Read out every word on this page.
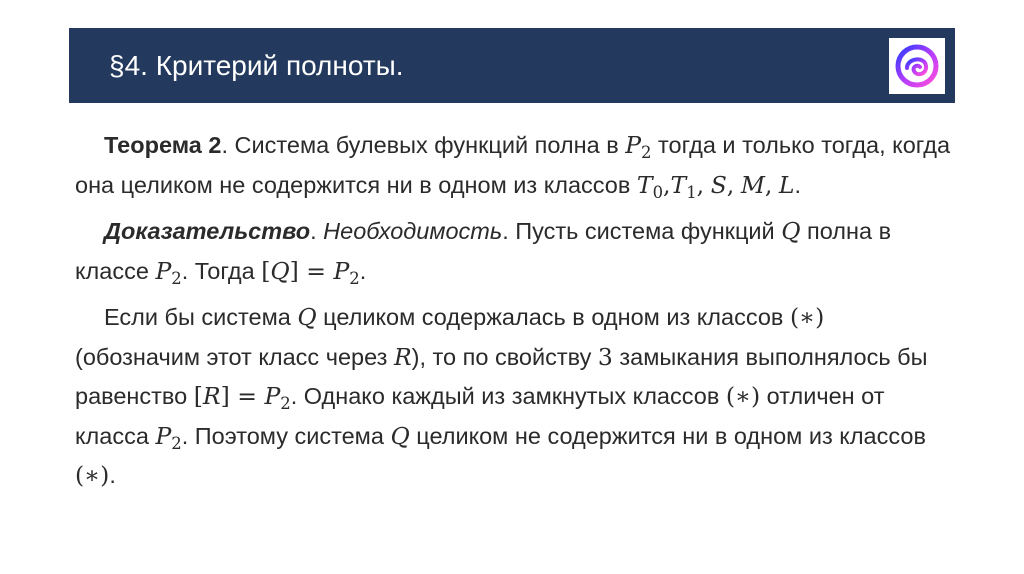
§4. Критерий полноты.

Теорема 2. Система булевых функций полна в $P_2$ тогда и только тогда, когда она целиком не содержится ни в одном из классов $T_0,T_1$, S, M, L.

Доказательство. Необходимость. Пусть система функций Q полна в классе $P_2$. Тогда $[Q] = P_2$.

Если бы система Q целиком содержалась в одном из классов (∗) (обозначим этот класс через R), то по свойству 3 замыкания выполнялось бы равенство $[R] = P_2$. Однако каждый из замкнутых классов (∗) отличен от класса $P_2$. Поэтому система Q целиком не содержится ни в одном из классов (∗).
